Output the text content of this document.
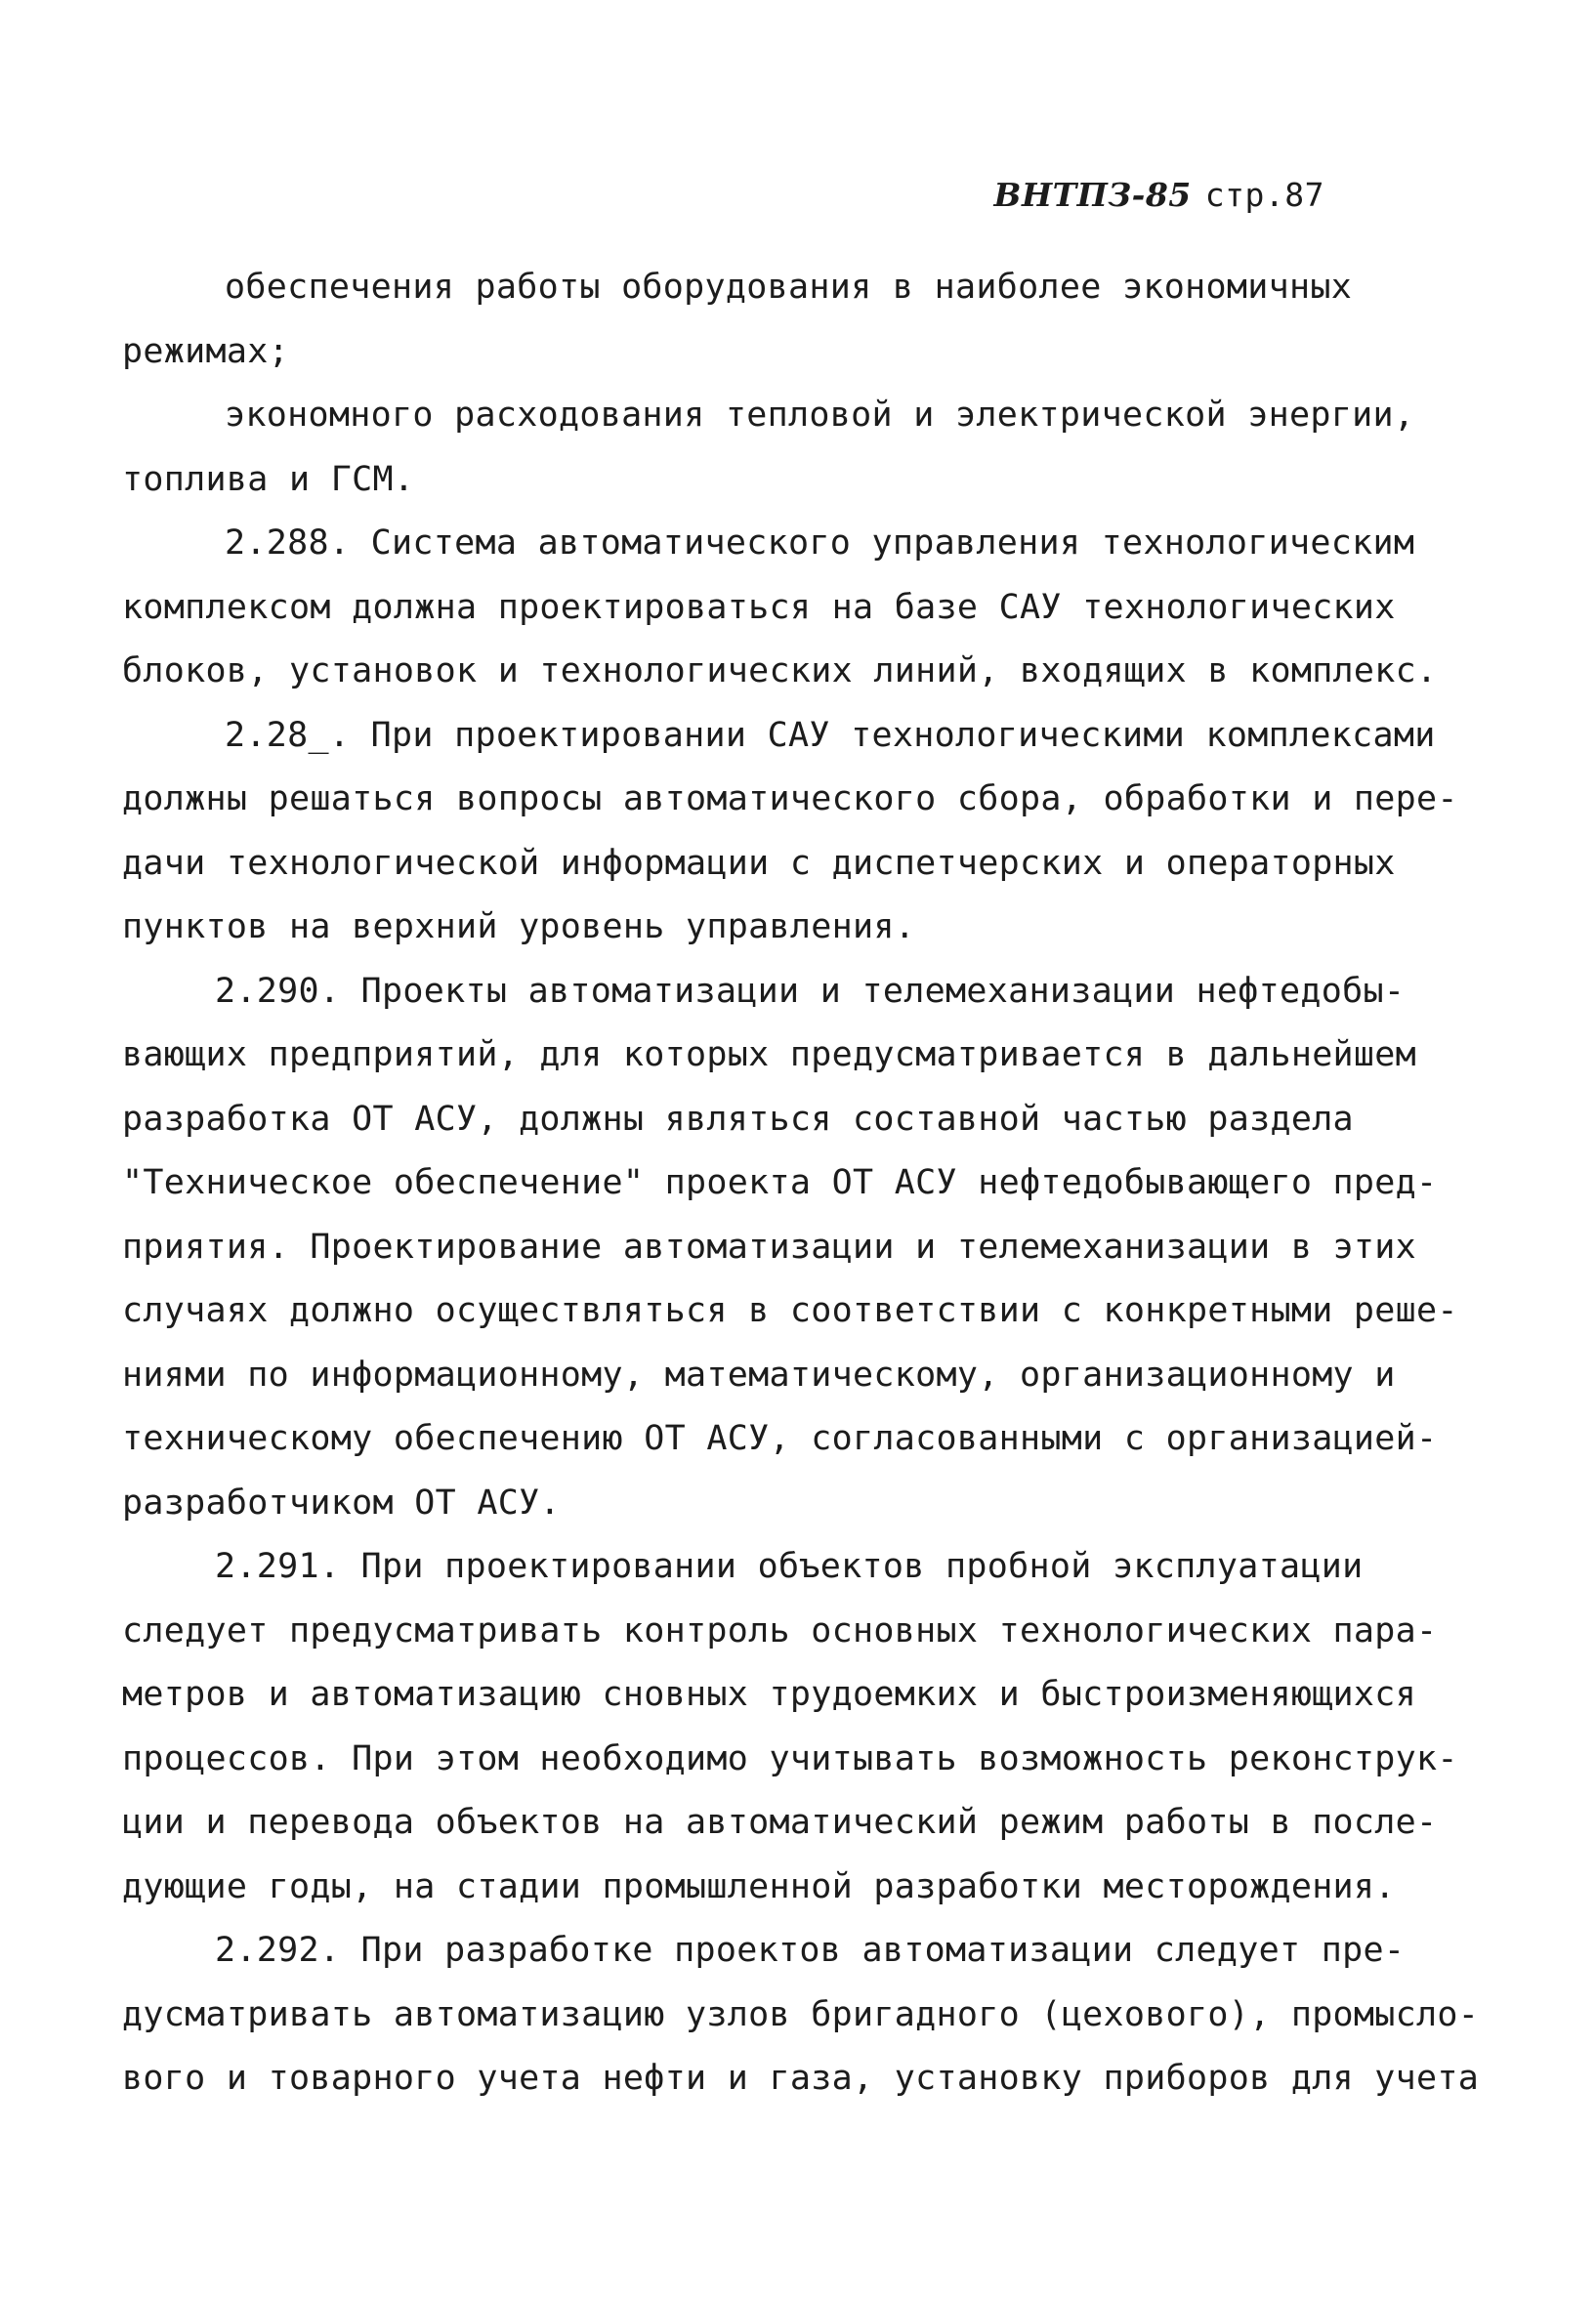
ВНТПЗ-85 стр.87
обеспечения работы оборудования в наиболее экономичных
режимах;
экономного расходования тепловой и электрической энергии,
топлива и ГСМ.
2.288. Система автоматического управления технологическим
комплексом должна проектироваться на базе САУ технологических
блоков, установок и технологических линий, входящих в комплекс.
2.28_. При проектировании САУ технологическими комплексами
должны решаться вопросы автоматического сбора, обработки и пере-
дачи технологической информации с диспетчерских и операторных
пунктов на верхний уровень управления.
2.290. Проекты автоматизации и телемеханизации нефтедобы-
вающих предприятий, для которых предусматривается в дальнейшем
разработка ОТ АСУ, должны являться составной частью раздела
"Техническое обеспечение" проекта ОТ АСУ нефтедобывающего пред-
приятия. Проектирование автоматизации и телемеханизации в этих
случаях должно осуществляться в соответствии с конкретными реше-
ниями по информационному, математическому, организационному и
техническому обеспечению ОТ АСУ, согласованными с организацией-
разработчиком ОТ АСУ.
2.291. При проектировании объектов пробной эксплуатации
следует предусматривать контроль основных технологических пара-
метров и автоматизацию сновных трудоемких и быстроизменяющихся
процессов. При этом необходимо учитывать возможность реконструк-
ции и перевода объектов на автоматический режим работы в после-
дующие годы, на стадии промышленной разработки месторождения.
2.292. При разработке проектов автоматизации следует пре-
дусматривать автоматизацию узлов бригадного (цехового), промысло-
вого и товарного учета нефти и газа, установку приборов для учета
